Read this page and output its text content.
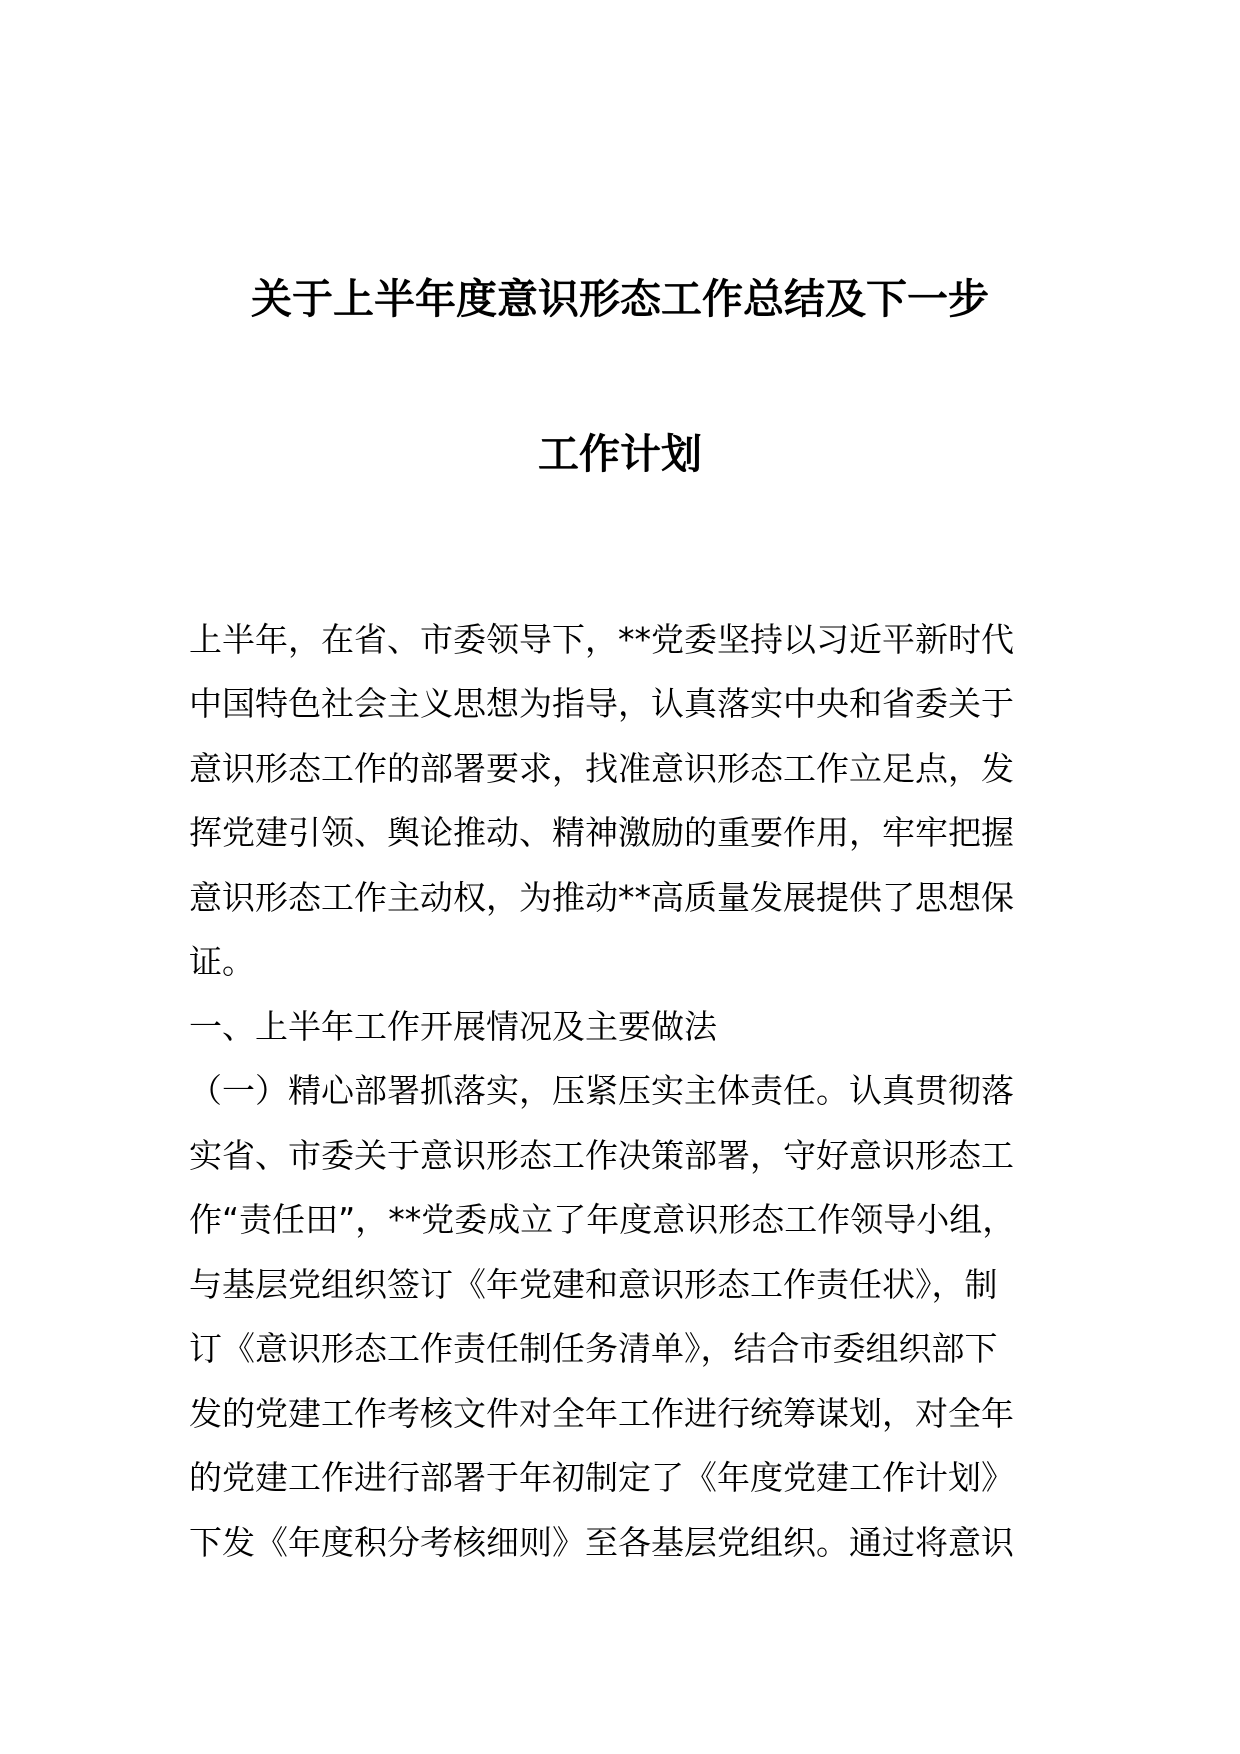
关于上半年度意识形态工作总结及下一步
工作计划
上半年，在省、市委领导下，**党委坚持以习近平新时代
中国特色社会主义思想为指导，认真落实中央和省委关于
意识形态工作的部署要求，找准意识形态工作立足点，发
挥党建引领、舆论推动、精神激励的重要作用，牢牢把握
意识形态工作主动权，为推动**高质量发展提供了思想保
证。
一、上半年工作开展情况及主要做法
（一）精心部署抓落实，压紧压实主体责任。认真贯彻落
实省、市委关于意识形态工作决策部署，守好意识形态工
作“责任田”，**党委成立了年度意识形态工作领导小组，
与基层党组织签订《年党建和意识形态工作责任状》，制
订《意识形态工作责任制任务清单》，结合市委组织部下
发的党建工作考核文件对全年工作进行统筹谋划，对全年
的党建工作进行部署于年初制定了《年度党建工作计划》
下发《年度积分考核细则》至各基层党组织。通过将意识
